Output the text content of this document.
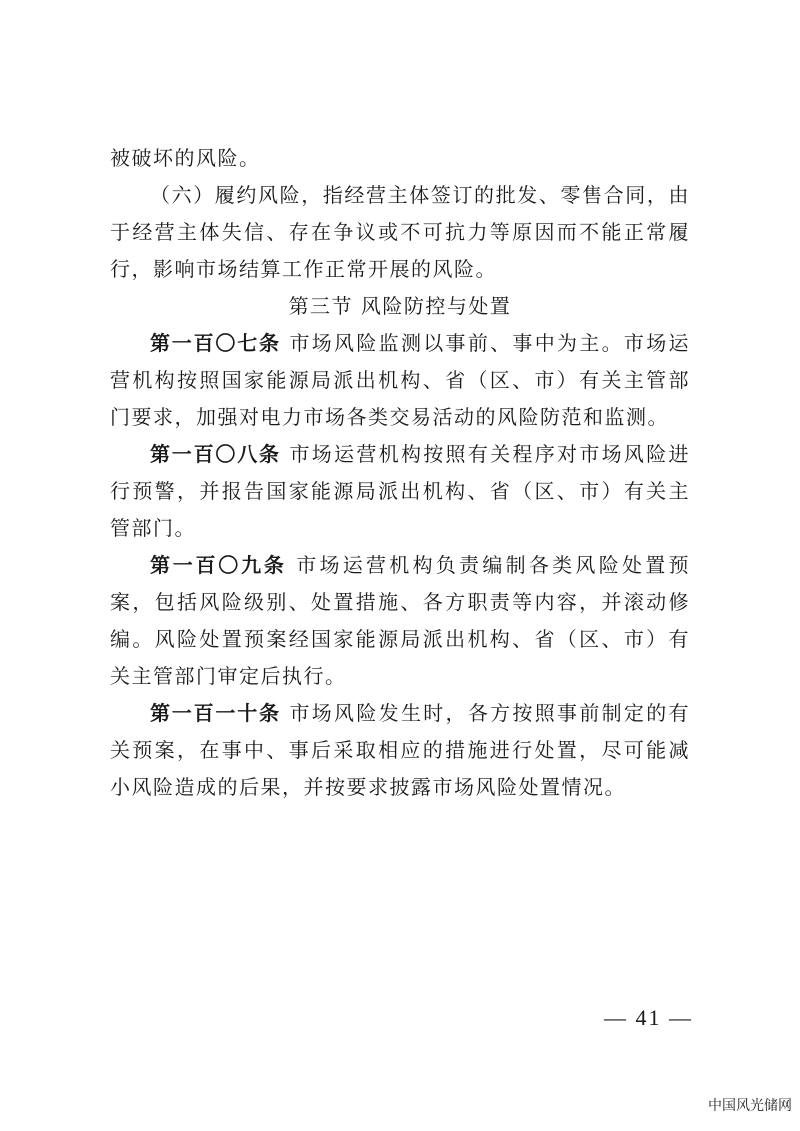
被破坏的风险。

（六）履约风险，指经营主体签订的批发、零售合同，由于经营主体失信、存在争议或不可抗力等原因而不能正常履行，影响市场结算工作正常开展的风险。

第三节 风险防控与处置

第一百〇七条 市场风险监测以事前、事中为主。市场运营机构按照国家能源局派出机构、省（区、市）有关主管部门要求，加强对电力市场各类交易活动的风险防范和监测。

第一百〇八条 市场运营机构按照有关程序对市场风险进行预警，并报告国家能源局派出机构、省（区、市）有关主管部门。

第一百〇九条 市场运营机构负责编制各类风险处置预案，包括风险级别、处置措施、各方职责等内容，并滚动修编。风险处置预案经国家能源局派出机构、省（区、市）有关主管部门审定后执行。

第一百一十条 市场风险发生时，各方按照事前制定的有关预案，在事中、事后采取相应的措施进行处置，尽可能减小风险造成的后果，并按要求披露市场风险处置情况。

— 41 —
中国风光储网
